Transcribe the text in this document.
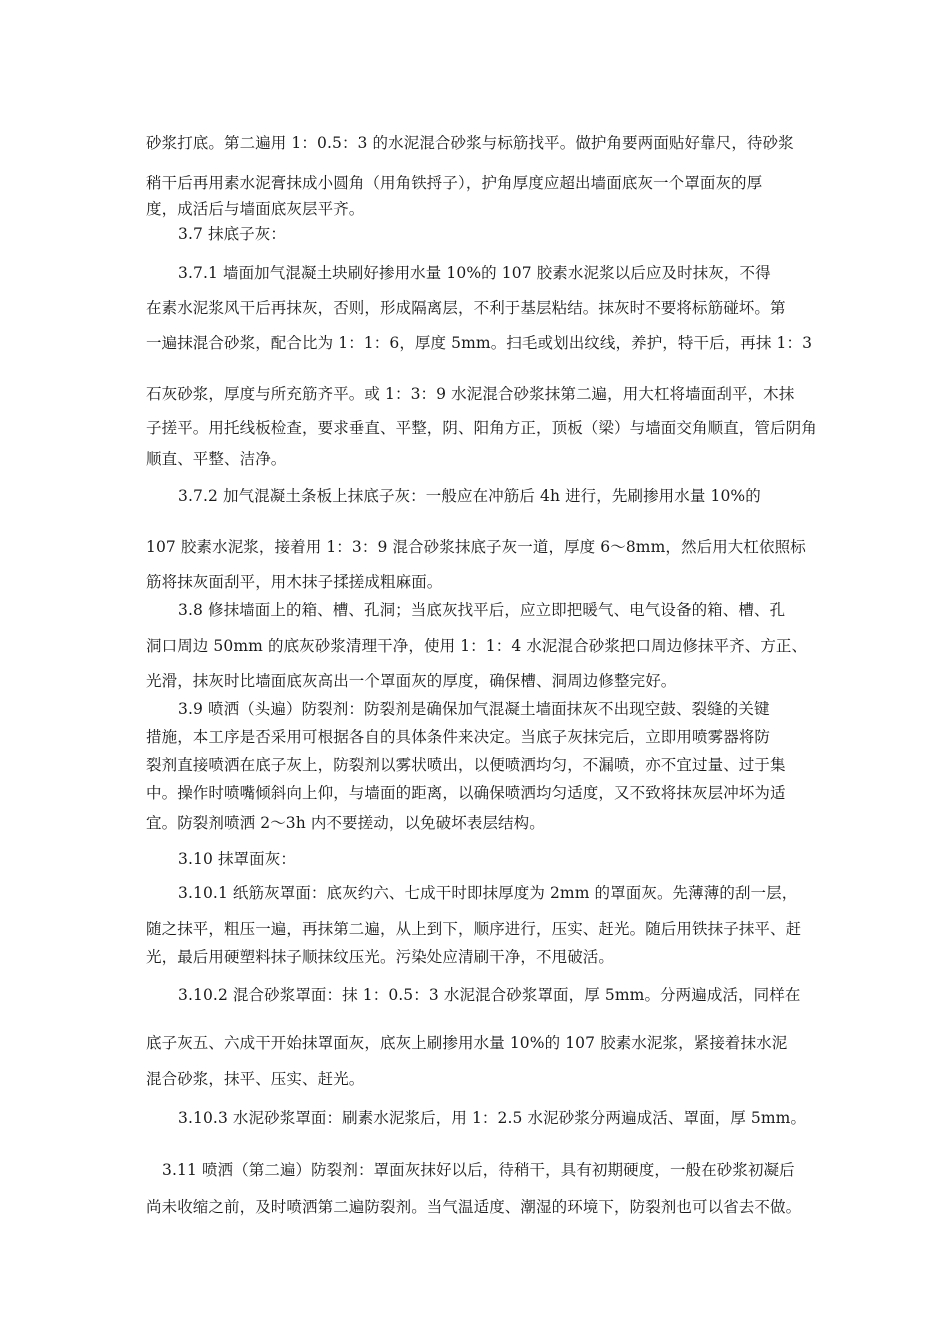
砂浆打底。第二遍用 1：0.5：3 的水泥混合砂浆与标筋找平。做护角要两面贴好靠尺，待砂浆
稍干后再用素水泥膏抹成小圆角（用角铁捋子），护角厚度应超出墙面底灰一个罩面灰的厚
度，成活后与墙面底灰层平齐。
3.7 抹底子灰：
3.7.1 墙面加气混凝土块刷好掺用水量 10%的 107 胶素水泥浆以后应及时抹灰，不得
在素水泥浆风干后再抹灰，否则，形成隔离层，不利于基层粘结。抹灰时不要将标筋碰坏。第
一遍抹混合砂浆，配合比为 1：1：6，厚度 5mm。扫毛或划出纹线，养护，特干后，再抹 1：3
石灰砂浆，厚度与所充筋齐平。或 1：3：9 水泥混合砂浆抹第二遍，用大杠将墙面刮平，木抹
子搓平。用托线板检查，要求垂直、平整，阴、阳角方正，顶板（梁）与墙面交角顺直，管后阴角
顺直、平整、洁净。
3.7.2 加气混凝土条板上抹底子灰：一般应在冲筋后 4h 进行，先刷掺用水量 10%的
107 胶素水泥浆，接着用 1：3：9 混合砂浆抹底子灰一道，厚度 6～8mm，然后用大杠依照标
筋将抹灰面刮平，用木抹子揉搓成粗麻面。
3.8 修抹墙面上的箱、槽、孔洞；当底灰找平后，应立即把暖气、电气设备的箱、槽、孔
洞口周边 50mm 的底灰砂浆清理干净，使用 1：1：4 水泥混合砂浆把口周边修抹平齐、方正、
光滑，抹灰时比墙面底灰高出一个罩面灰的厚度，确保槽、洞周边修整完好。
3.9 喷洒（头遍）防裂剂：防裂剂是确保加气混凝土墙面抹灰不出现空鼓、裂缝的关键
措施，本工序是否采用可根据各自的具体条件来决定。当底子灰抹完后，立即用喷雾器将防
裂剂直接喷洒在底子灰上，防裂剂以雾状喷出，以便喷洒均匀，不漏喷，亦不宜过量、过于集
中。操作时喷嘴倾斜向上仰，与墙面的距离，以确保喷洒均匀适度，又不致将抹灰层冲坏为适
宜。防裂剂喷洒 2～3h 内不要搓动，以免破坏表层结构。
3.10 抹罩面灰：
3.10.1 纸筋灰罩面：底灰约六、七成干时即抹厚度为 2mm 的罩面灰。先薄薄的刮一层，
随之抹平，粗压一遍，再抹第二遍，从上到下，顺序进行，压实、赶光。随后用铁抹子抹平、赶
光，最后用硬塑料抹子顺抹纹压光。污染处应清刷干净，不甩破活。
3.10.2 混合砂浆罩面：抹 1：0.5：3 水泥混合砂浆罩面，厚 5mm。分两遍成活，同样在
底子灰五、六成干开始抹罩面灰，底灰上刷掺用水量 10%的 107 胶素水泥浆，紧接着抹水泥
混合砂浆，抹平、压实、赶光。
3.10.3 水泥砂浆罩面：刷素水泥浆后，用 1：2.5 水泥砂浆分两遍成活、罩面，厚 5mm。
3.11 喷洒（第二遍）防裂剂：罩面灰抹好以后，待稍干，具有初期硬度，一般在砂浆初凝后
尚未收缩之前，及时喷洒第二遍防裂剂。当气温适度、潮湿的环境下，防裂剂也可以省去不做。
